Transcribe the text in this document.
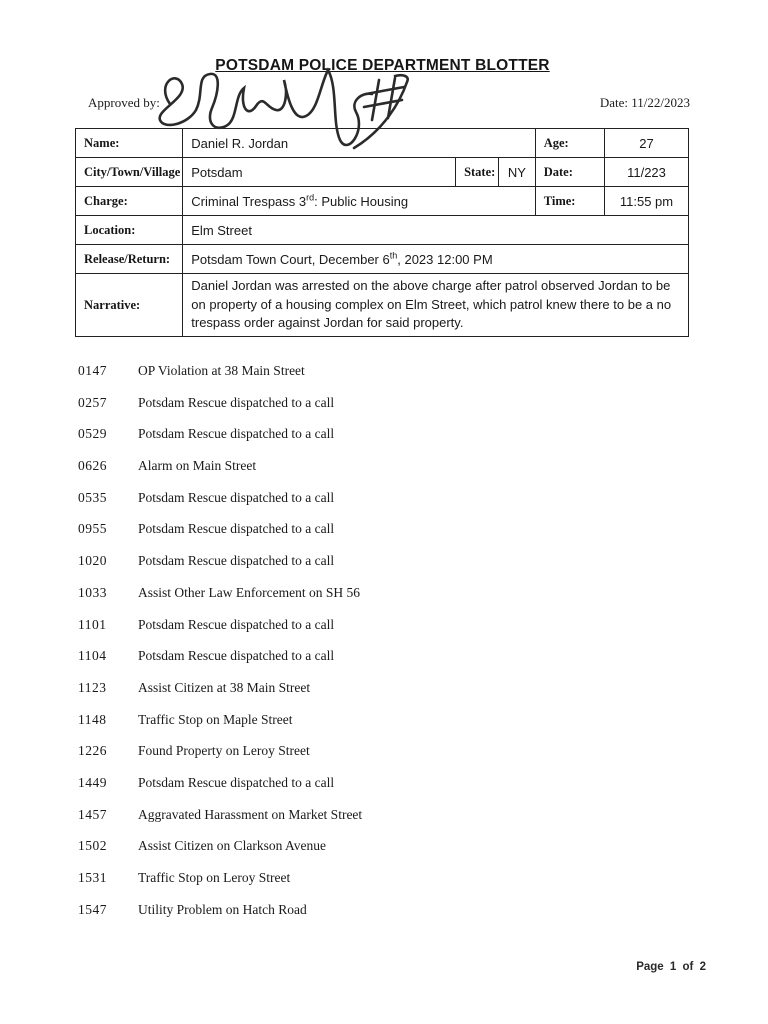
POTSDAM POLICE DEPARTMENT BLOTTER
Approved by:	Date: 11/22/2023
Name:	Daniel R. Jordan			Age:	27
City/Town/Village	Potsdam	State:	NY	Date:	11/223
Charge:	Criminal Trespass 3rd: Public Housing			Time:	11:55 pm
Location:	Elm Street				
Release/Return:	Potsdam Town Court, December 6th, 2023 12:00 PM				
Narrative:	Daniel Jordan was arrested on the above charge after patrol observed Jordan to be on property of a housing complex on Elm Street, which patrol knew there to be a no trespass order against Jordan for said property.				
0147	OP Violation at 38 Main Street
0257	Potsdam Rescue dispatched to a call
0529	Potsdam Rescue dispatched to a call
0626	Alarm on Main Street
0535	Potsdam Rescue dispatched to a call
0955	Potsdam Rescue dispatched to a call
1020	Potsdam Rescue dispatched to a call
1033	Assist Other Law Enforcement on SH 56
1101	Potsdam Rescue dispatched to a call
1104	Potsdam Rescue dispatched to a call
1123	Assist Citizen at 38 Main Street
1148	Traffic Stop on Maple Street
1226	Found Property on Leroy Street
1449	Potsdam Rescue dispatched to a call
1457	Aggravated Harassment on Market Street
1502	Assist Citizen on Clarkson Avenue
1531	Traffic Stop on Leroy Street
1547	Utility Problem on Hatch Road
Page 1 of 2
